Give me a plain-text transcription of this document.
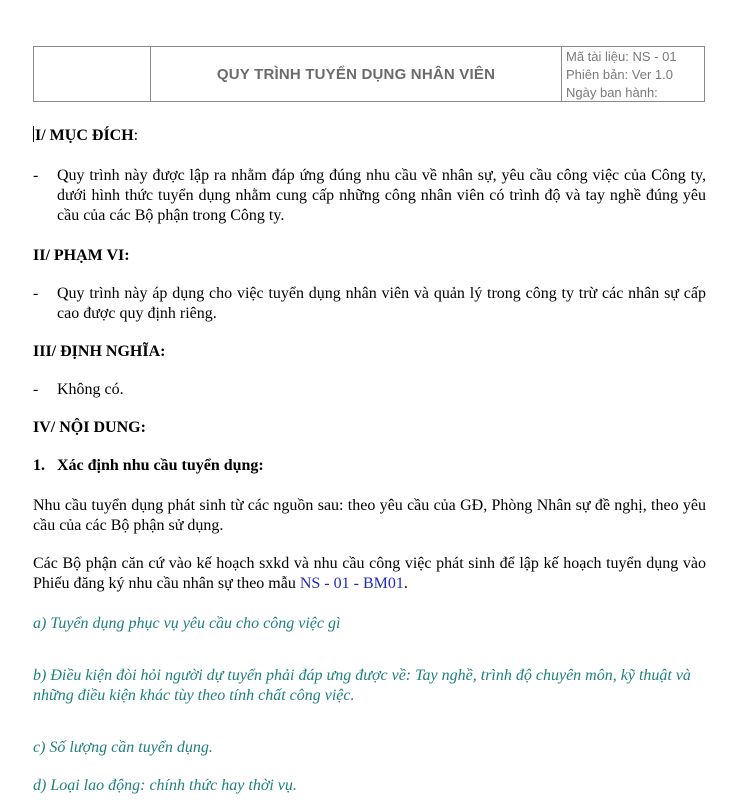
QUY TRÌNH TUYỂN DỤNG NHÂN VIÊN
Mã tài liệu: NS - 01
Phiên bản: Ver 1.0
Ngày ban hành:

I/ MỤC ĐÍCH:

-	Quy trình này được lập ra nhằm đáp ứng đúng nhu cầu về nhân sự, yêu cầu công việc của Công ty, dưới hình thức tuyển dụng nhằm cung cấp những công nhân viên có trình độ và tay nghề đúng yêu cầu của các Bộ phận trong Công ty.

II/ PHẠM VI:

-	Quy trình này áp dụng cho việc tuyển dụng nhân viên và quản lý trong công ty trừ các nhân sự cấp cao được quy định riêng.

III/ ĐỊNH NGHĨA:

-	Không có.

IV/ NỘI DUNG:

1. Xác định nhu cầu tuyển dụng:
Nhu cầu tuyển dụng phát sinh từ các nguồn sau: theo yêu cầu của GĐ, Phòng Nhân sự đề nghị, theo yêu cầu của các Bộ phận sử dụng.
Các Bộ phận căn cứ vào kế hoạch sxkd và nhu cầu công việc phát sinh để lập kế hoạch tuyển dụng vào Phiếu đăng ký nhu cầu nhân sự theo mẫu NS - 01 - BM01.
a) Tuyển dụng phục vụ yêu cầu cho công việc gì
b) Điều kiện đòi hỏi người dự tuyển phải đáp ưng được về: Tay nghề, trình độ chuyên môn, kỹ thuật và những điều kiện khác tùy theo tính chất công việc.
c) Số lượng cần tuyển dụng.
d) Loại lao động: chính thức hay thời vụ.
